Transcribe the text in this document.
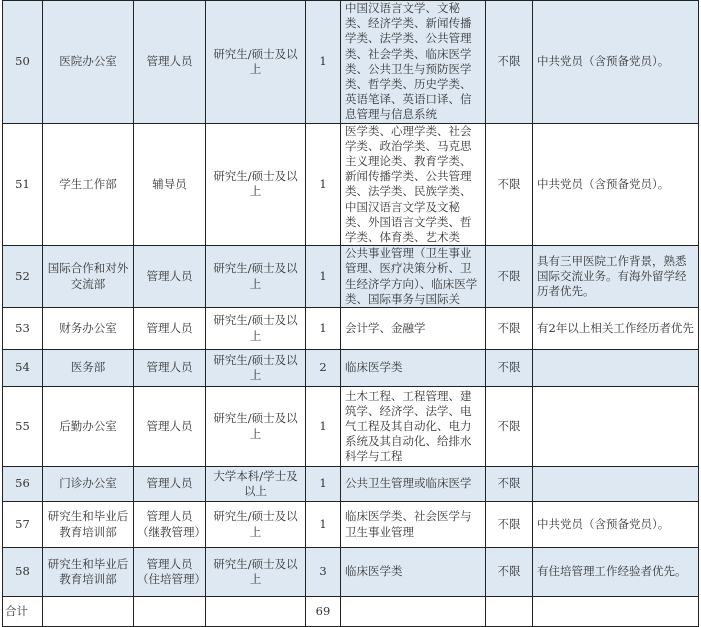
50	医院办公室	管理人员	研究生/硕士及以上	1	中国汉语言文学、文秘类、经济学类、新闻传播学类、法学类、公共管理类、社会学类、临床医学类、公共卫生与预防医学类、哲学类、历史学类、英语笔译、英语口译、信息管理与信息系统	不限	中共党员（含预备党员）。
51	学生工作部	辅导员	研究生/硕士及以上	1	医学类、心理学类、社会学类、政治学类、马克思主义理论类、教育学类、新闻传播学类、公共管理类、法学类、民族学类、中国汉语言文学及文秘类、外国语言文学类、哲学类、体育类、艺术类	不限	中共党员（含预备党员）。
52	国际合作和对外交流部	管理人员	研究生/硕士及以上	1	公共事业管理（卫生事业管理、医疗决策分析、卫生经济学方向）、临床医学类、国际事务与国际关	不限	具有三甲医院工作背景，熟悉国际交流业务。有海外留学经历者优先。
53	财务办公室	管理人员	研究生/硕士及以上	1	会计学、金融学	不限	有2年以上相关工作经历者优先
54	医务部	管理人员	研究生/硕士及以上	2	临床医学类	不限	
55	后勤办公室	管理人员	研究生/硕士及以上	1	土木工程、工程管理、建筑学、经济学、法学、电气工程及其自动化、电力系统及其自动化、给排水科学与工程	不限	
56	门诊办公室	管理人员	大学本科/学士及以上	1	公共卫生管理或临床医学	不限	
57	研究生和毕业后教育培训部	管理人员（继教管理）	研究生/硕士及以上	1	临床医学类、社会医学与卫生事业管理	不限	中共党员（含预备党员）。
58	研究生和毕业后教育培训部	管理人员（住培管理）	研究生/硕士及以上	3	临床医学类	不限	有住培管理工作经验者优先。
合计				69			
